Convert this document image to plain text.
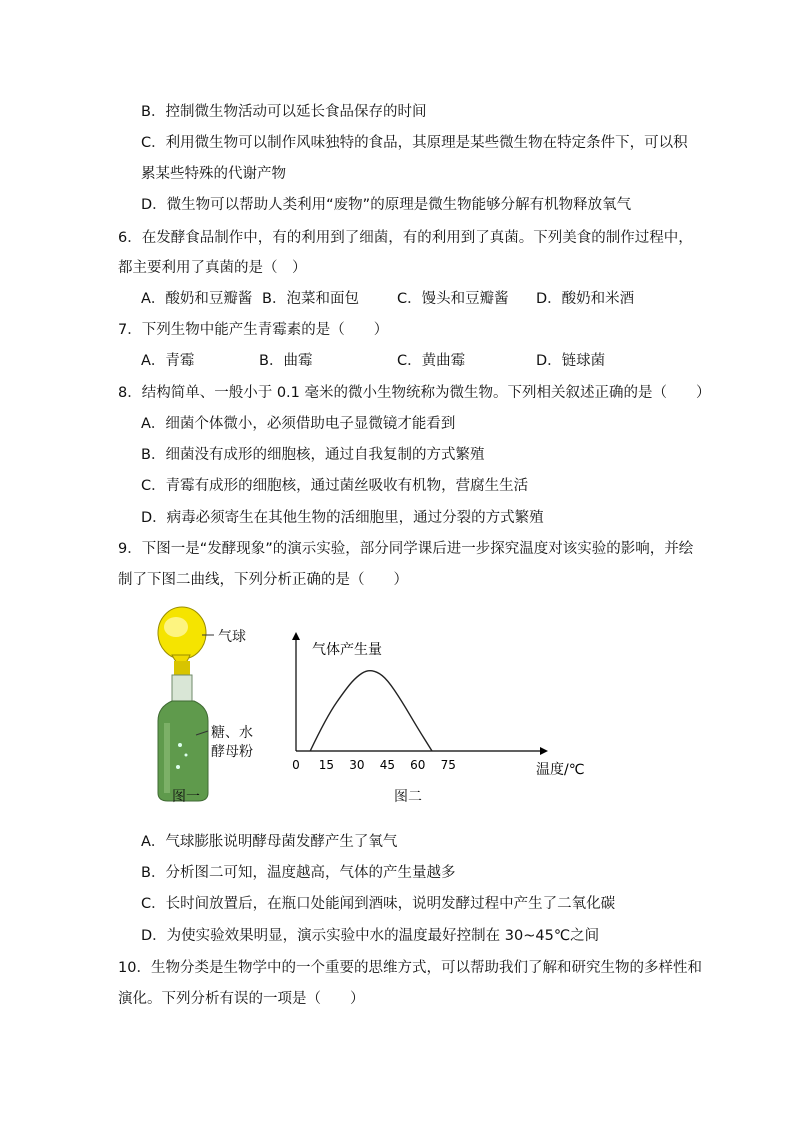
B．控制微生物活动可以延长食品保存的时间
C．利用微生物可以制作风味独特的食品，其原理是某些微生物在特定条件下，可以积
累某些特殊的代谢产物
D．微生物可以帮助人类利用“废物”的原理是微生物能够分解有机物释放氧气
6．在发酵食品制作中，有的利用到了细菌，有的利用到了真菌。下列美食的制作过程中，
都主要利用了真菌的是（　）
A．酸奶和豆瓣酱 B．泡菜和面包	C．馒头和豆瓣酱 D．酸奶和米酒
7．下列生物中能产生青霉素的是（　　）
A．青霉	B．曲霉	C．黄曲霉	D．链球菌
8．结构简单、一般小于 0.1 毫米的微小生物统称为微生物。下列相关叙述正确的是（　　）
A．细菌个体微小，必须借助电子显微镜才能看到
B．细菌没有成形的细胞核，通过自我复制的方式繁殖
C．青霉有成形的细胞核，通过菌丝吸收有机物，营腐生生活
D．病毒必须寄生在其他生物的活细胞里，通过分裂的方式繁殖
9．下图一是“发酵现象”的演示实验，部分同学课后进一步探究温度对该实验的影响，并绘
制了下图二曲线，下列分析正确的是（　　）
气球
糖、水
酵母粉
图一
气体产生量
0 15 30 45 60 75	温度/℃
图二
A．气球膨胀说明酵母菌发酵产生了氧气
B．分析图二可知，温度越高，气体的产生量越多
C．长时间放置后，在瓶口处能闻到酒味，说明发酵过程中产生了二氧化碳
D．为使实验效果明显，演示实验中水的温度最好控制在 30~45℃之间
10．生物分类是生物学中的一个重要的思维方式，可以帮助我们了解和研究生物的多样性和
演化。下列分析有误的一项是（　　）
